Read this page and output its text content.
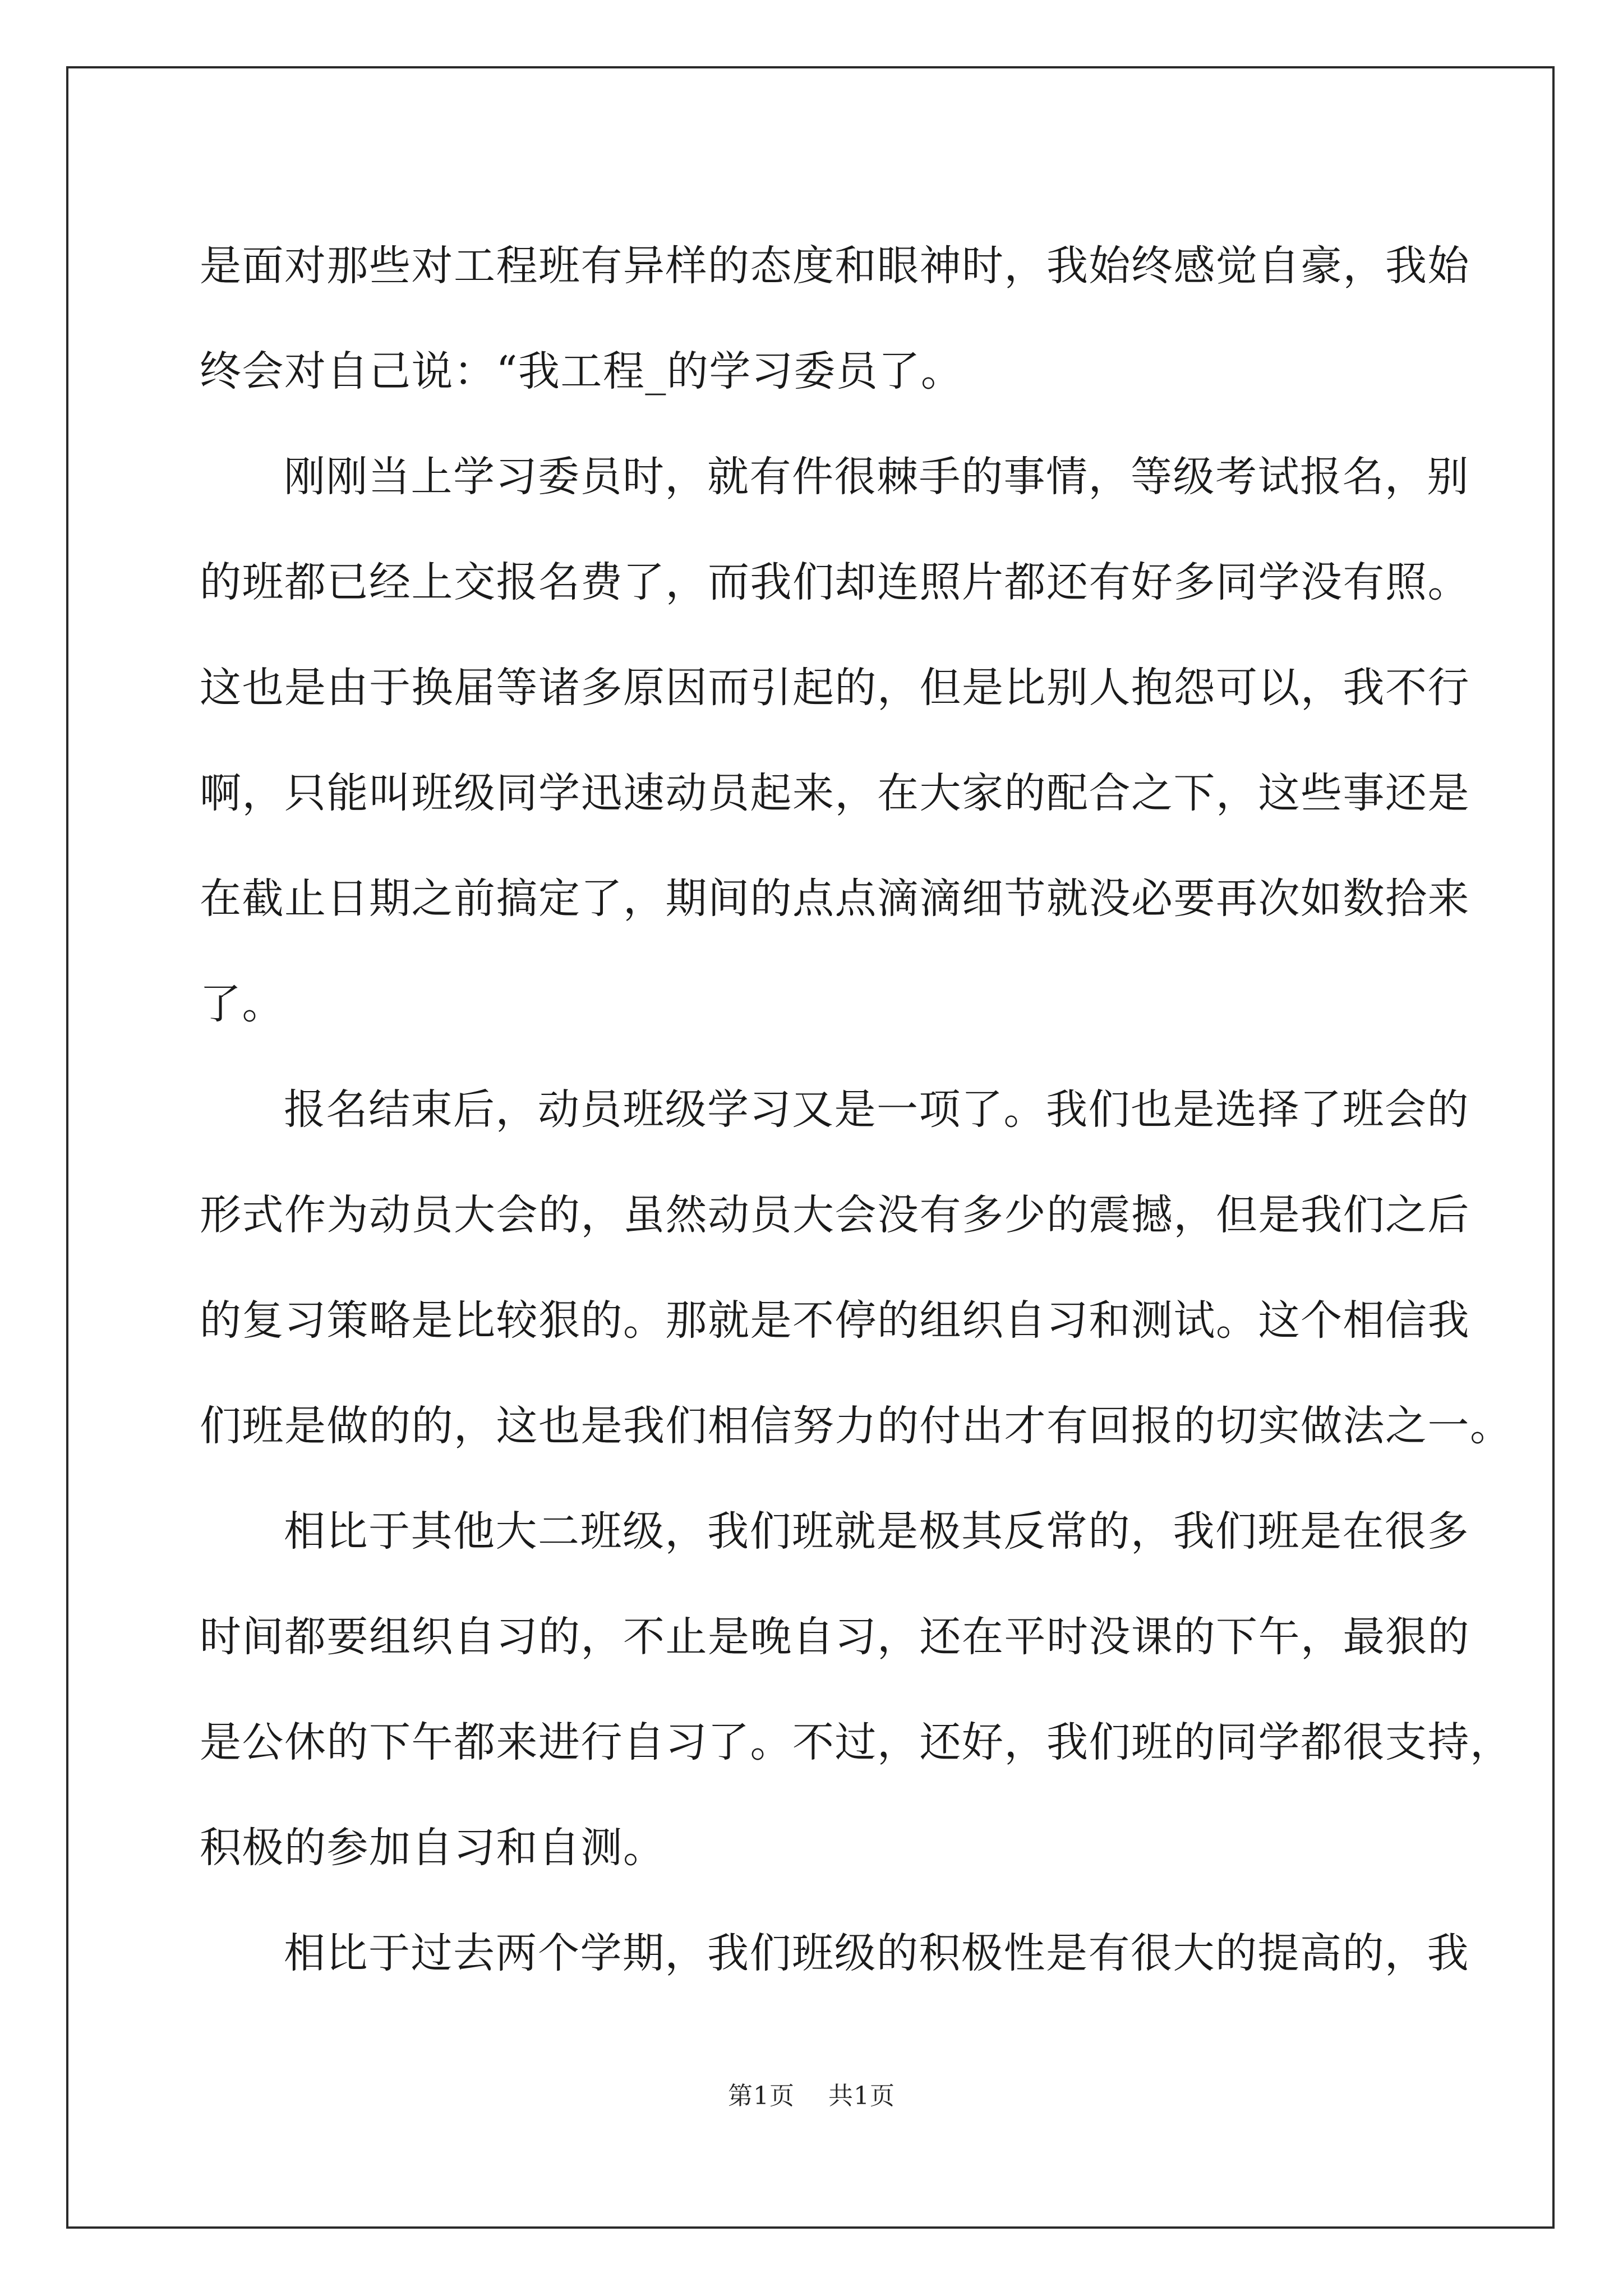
是面对那些对工程班有异样的态度和眼神时，我始终感觉自豪，我始
终会对自己说：“我工程_的学习委员了。
刚刚当上学习委员时，就有件很棘手的事情，等级考试报名，别
的班都已经上交报名费了，而我们却连照片都还有好多同学没有照。
这也是由于换届等诸多原因而引起的，但是比别人抱怨可以，我不行
啊，只能叫班级同学迅速动员起来，在大家的配合之下，这些事还是
在截止日期之前搞定了，期间的点点滴滴细节就没必要再次如数拾来
了。
报名结束后，动员班级学习又是一项了。我们也是选择了班会的
形式作为动员大会的，虽然动员大会没有多少的震撼，但是我们之后
的复习策略是比较狠的。那就是不停的组织自习和测试。这个相信我
们班是做的的，这也是我们相信努力的付出才有回报的切实做法之一。
相比于其他大二班级，我们班就是极其反常的，我们班是在很多
时间都要组织自习的，不止是晚自习，还在平时没课的下午，最狠的
是公休的下午都来进行自习了。不过，还好，我们班的同学都很支持，
积极的参加自习和自测。
相比于过去两个学期，我们班级的积极性是有很大的提高的，我
第1页 共1页
